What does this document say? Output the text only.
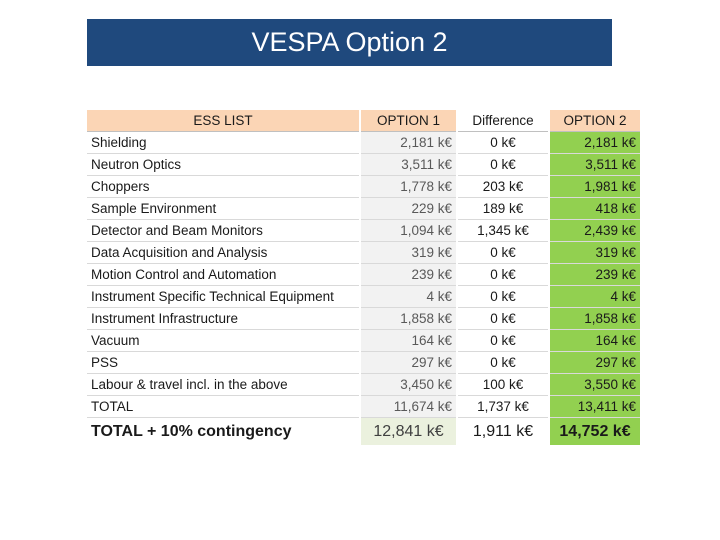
VESPA Option 2
ESS LIST	OPTION 1	Difference	OPTION 2
Shielding	2,181 k€	0 k€	2,181 k€
Neutron Optics	3,511 k€	0 k€	3,511 k€
Choppers	1,778 k€	203 k€	1,981 k€
Sample Environment	229 k€	189 k€	418 k€
Detector and Beam Monitors	1,094 k€	1,345 k€	2,439 k€
Data Acquisition and Analysis	319 k€	0 k€	319 k€
Motion Control and Automation	239 k€	0 k€	239 k€
Instrument Specific Technical Equipment	4 k€	0 k€	4 k€
Instrument Infrastructure	1,858 k€	0 k€	1,858 k€
Vacuum	164 k€	0 k€	164 k€
PSS	297 k€	0 k€	297 k€
Labour & travel incl. in the above	3,450 k€	100 k€	3,550 k€
TOTAL	11,674 k€	1,737 k€	13,411 k€
TOTAL + 10% contingency	12,841 k€	1,911 k€	14,752 k€
